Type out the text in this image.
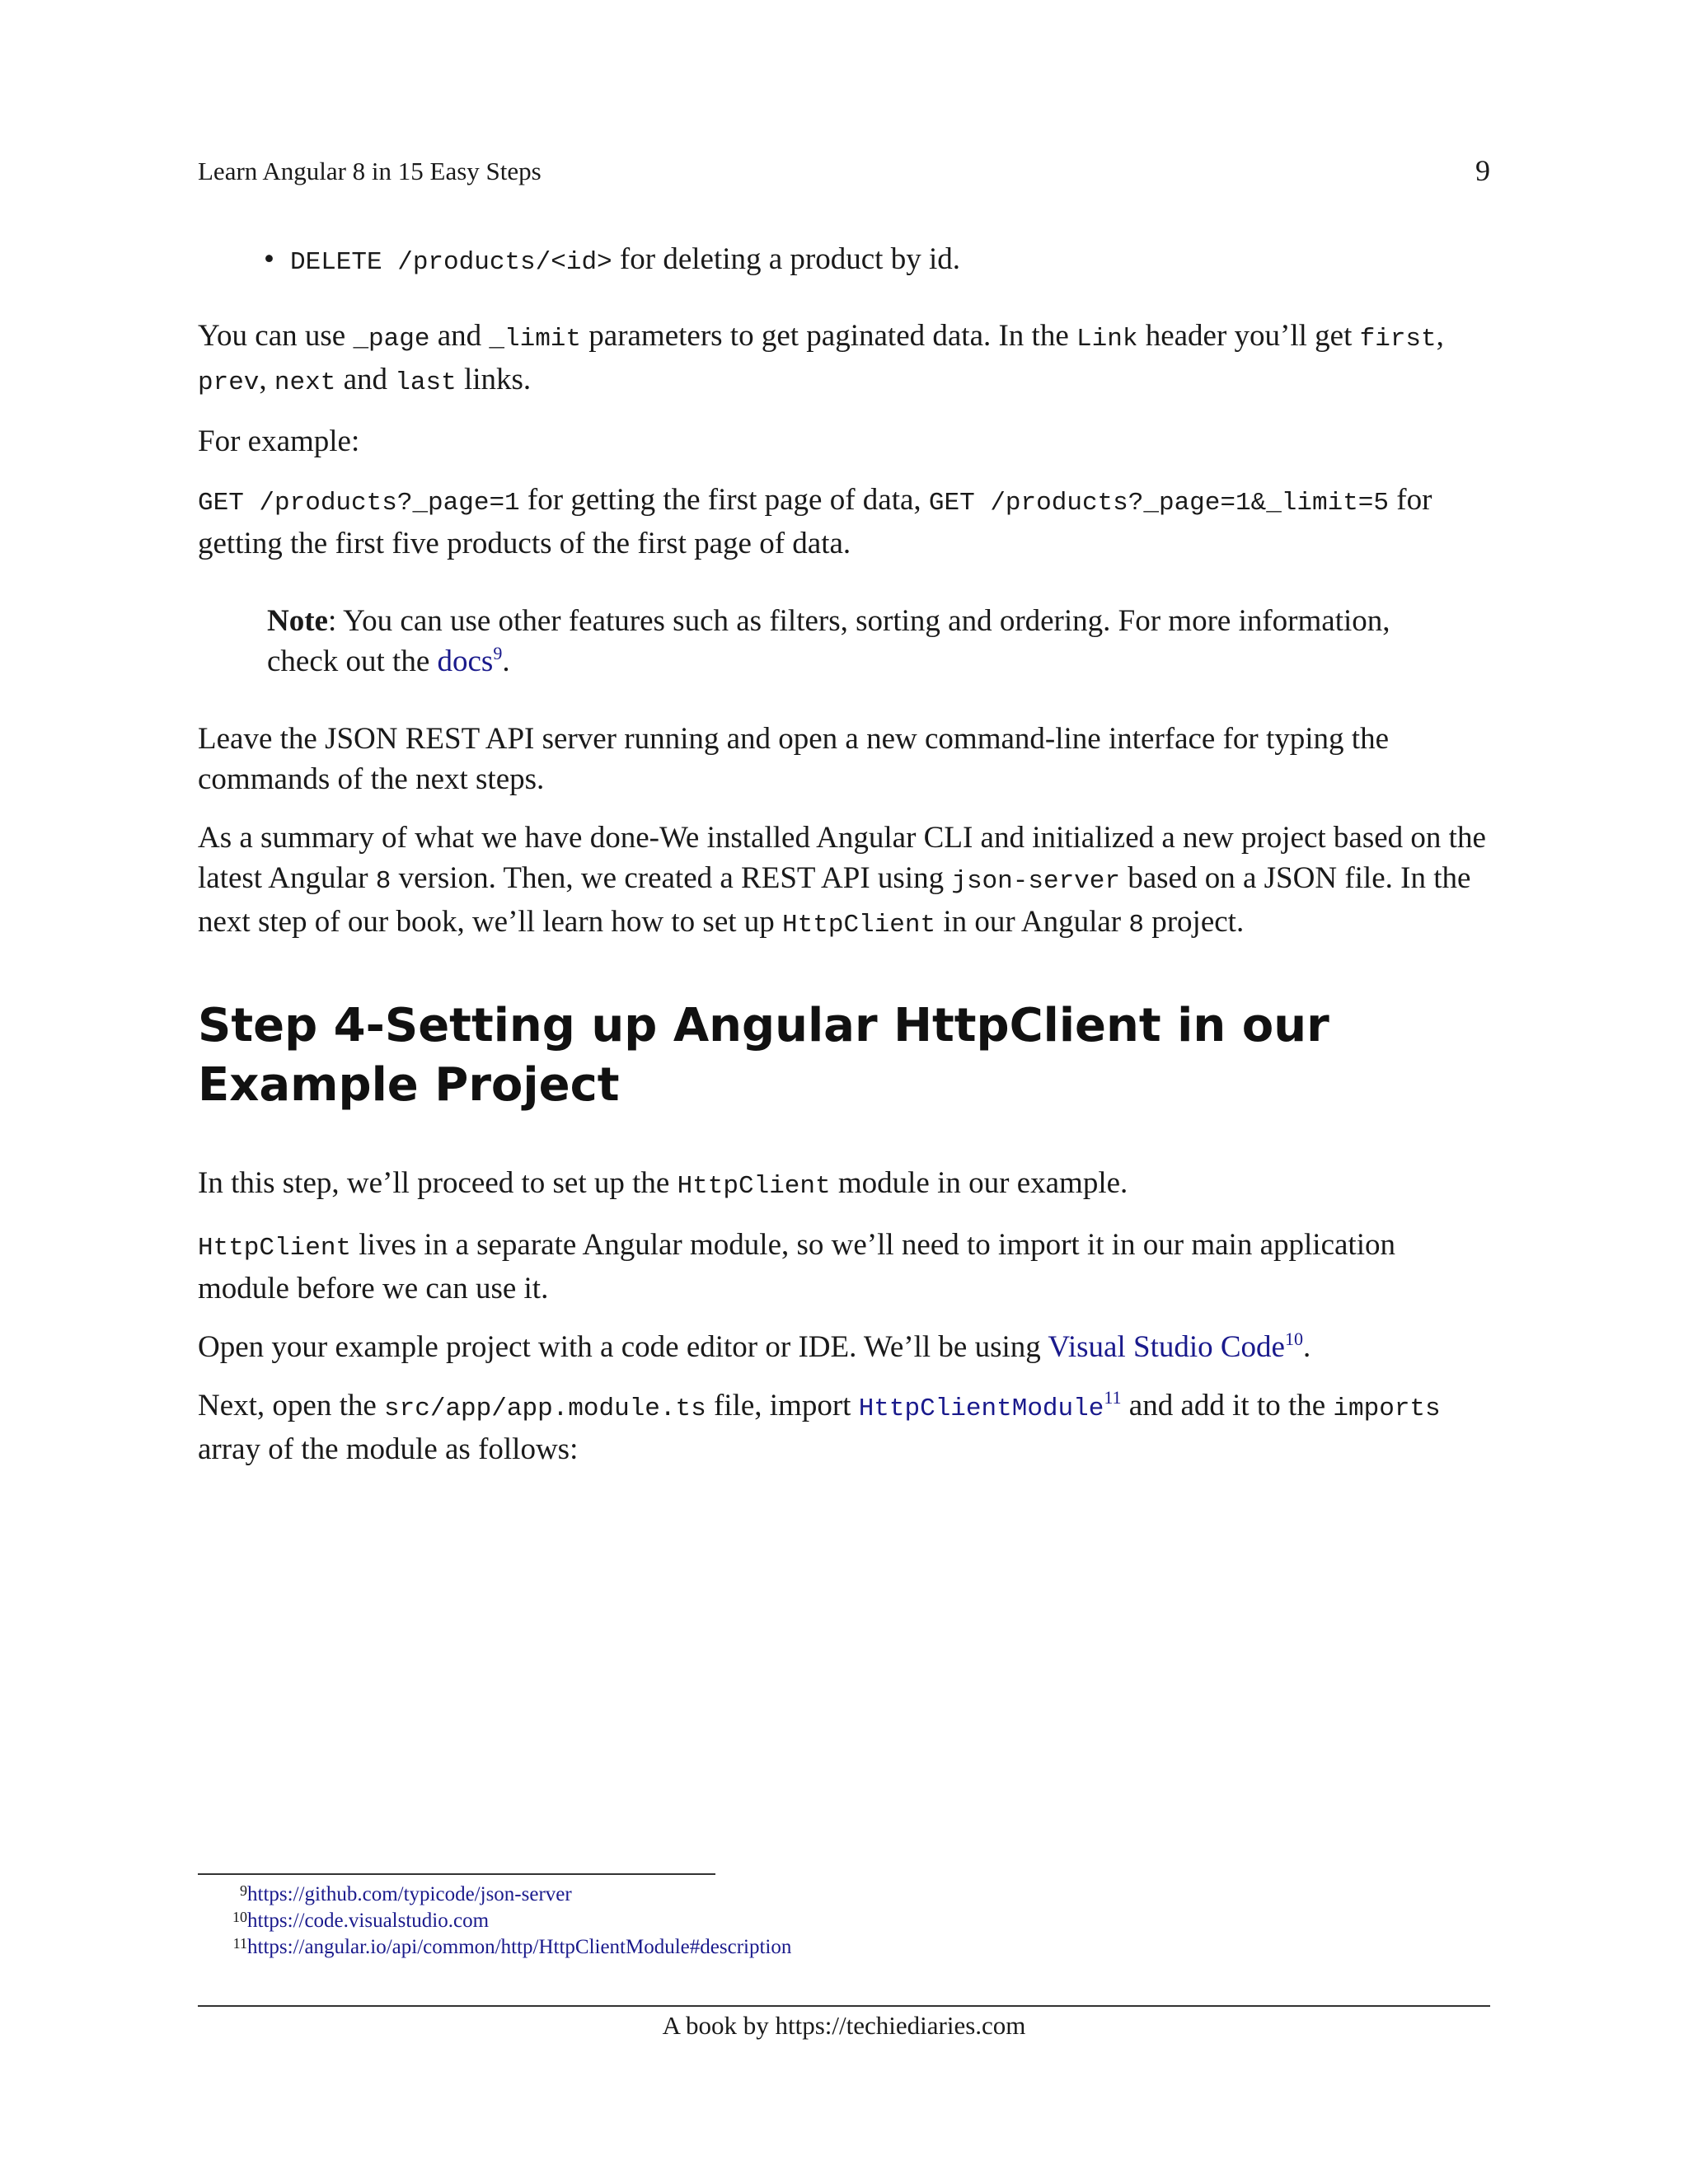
Learn Angular 8 in 15 Easy Steps	9
• DELETE /products/<id> for deleting a product by id.

You can use _page and _limit parameters to get paginated data. In the Link header you’ll get first, prev, next and last links.

For example:

GET /products?_page=1 for getting the first page of data, GET /products?_page=1&_limit=5 for getting the first five products of the first page of data.

Note: You can use other features such as filters, sorting and ordering. For more information, check out the docs$^9$.

Leave the JSON REST API server running and open a new command-line interface for typing the commands of the next steps.

As a summary of what we have done-We installed Angular CLI and initialized a new project based on the latest Angular 8 version. Then, we created a REST API using json-server based on a JSON file. In the next step of our book, we’ll learn how to set up HttpClient in our Angular 8 project.

Step 4-Setting up Angular HttpClient in our Example Project

In this step, we’ll proceed to set up the HttpClient module in our example.

HttpClient lives in a separate Angular module, so we’ll need to import it in our main application module before we can use it.

Open your example project with a code editor or IDE. We’ll be using Visual Studio Code$^{10}$.

Next, open the src/app/app.module.ts file, import HttpClientModule$^{11}$ and add it to the imports array of the module as follows:

9 https://github.com/typicode/json-server
10 https://code.visualstudio.com
11 https://angular.io/api/common/http/HttpClientModule#description
A book by https://techiediaries.com
